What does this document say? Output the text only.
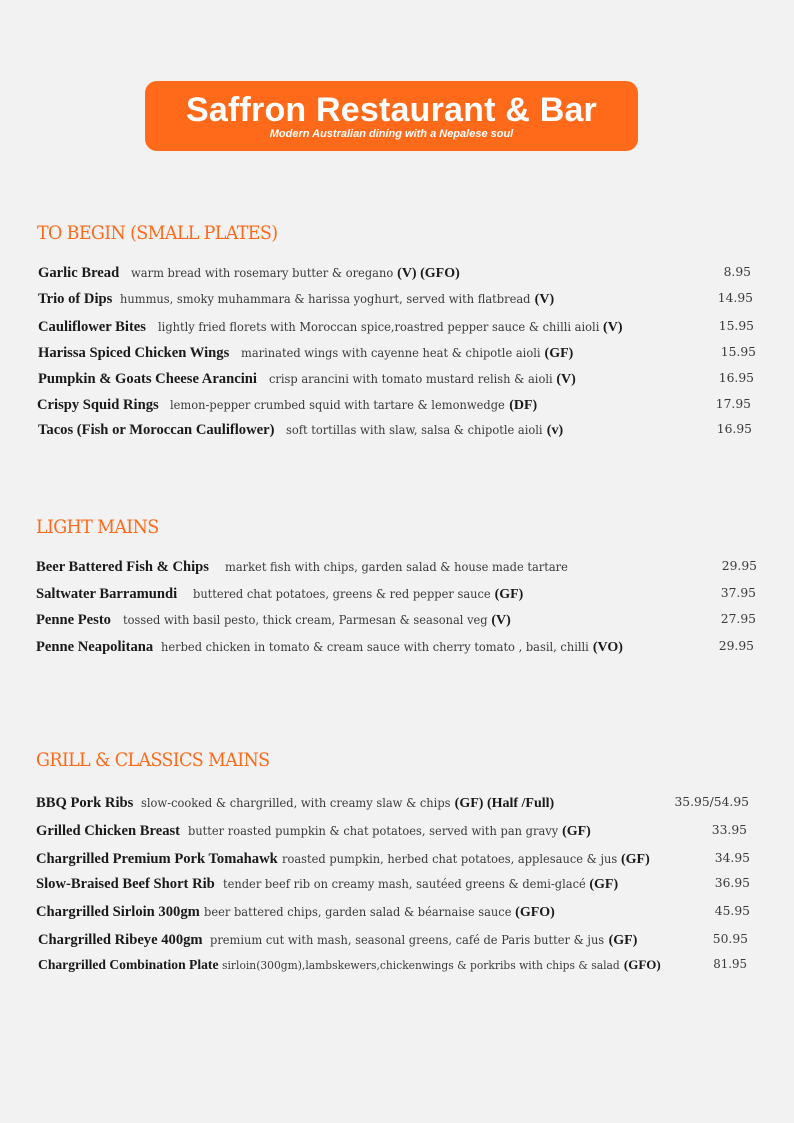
Saffron Restaurant & Bar
Modern Australian dining with a Nepalese soul
TO BEGIN (SMALL PLATES)
Garlic Bread warm bread with rosemary butter & oregano (V) (GFO)	8.95
Trio of Dips hummus, smoky muhammara & harissa yoghurt, served with flatbread (V)	14.95
Cauliflower Bites lightly fried florets with Moroccan spice,roastred pepper sauce & chilli aioli (V)	15.95
Harissa Spiced Chicken Wings marinated wings with cayenne heat & chipotle aioli (GF)	15.95
Pumpkin & Goats Cheese Arancini crisp arancini with tomato mustard relish & aioli (V)	16.95
Crispy Squid Rings lemon-pepper crumbed squid with tartare & lemonwedge (DF)	17.95
Tacos (Fish or Moroccan Cauliflower) soft tortillas with slaw, salsa & chipotle aioli (v)	16.95
LIGHT MAINS
Beer Battered Fish & Chips market fish with chips, garden salad & house made tartare	29.95
Saltwater Barramundi buttered chat potatoes, greens & red pepper sauce (GF)	37.95
Penne Pesto tossed with basil pesto, thick cream, Parmesan & seasonal veg (V)	27.95
Penne Neapolitana herbed chicken in tomato & cream sauce with cherry tomato , basil, chilli (VO)	29.95
GRILL & CLASSICS MAINS
BBQ Pork Ribs slow-cooked & chargrilled, with creamy slaw & chips (GF) (Half /Full)	35.95/54.95
Grilled Chicken Breast butter roasted pumpkin & chat potatoes, served with pan gravy (GF)	33.95
Chargrilled Premium Pork Tomahawk roasted pumpkin, herbed chat potatoes, applesauce & jus (GF)	34.95
Slow-Braised Beef Short Rib tender beef rib on creamy mash, sautéed greens & demi-glacé (GF)	36.95
Chargrilled Sirloin 300gm beer battered chips, garden salad & béarnaise sauce (GFO)	45.95
Chargrilled Ribeye 400gm premium cut with mash, seasonal greens, café de Paris butter & jus (GF)	50.95
Chargrilled Combination Plate sirloin(300gm),lambskewers,chickenwings & porkribs with chips & salad (GFO)	81.95
